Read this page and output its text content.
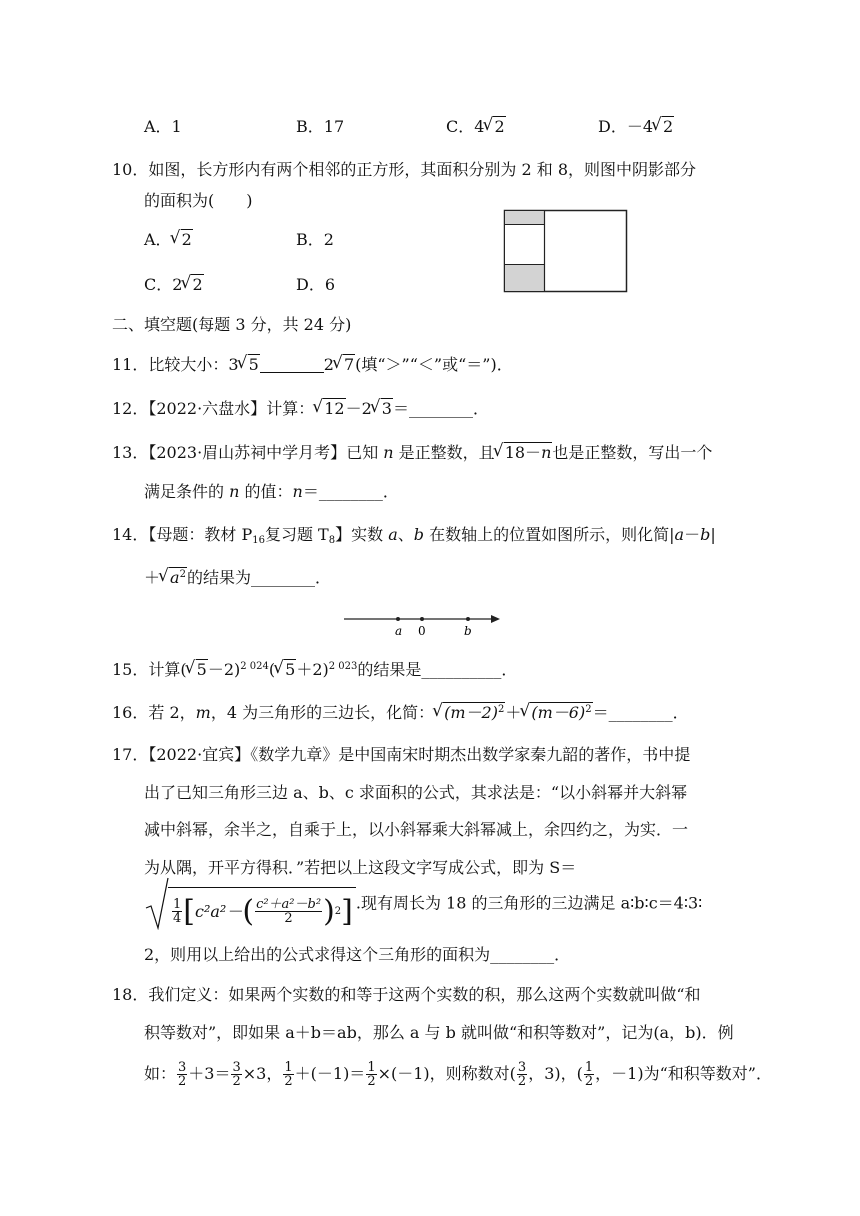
A．1	B．17	C．4√ 2	D．－4√ 2
10．如图，长方形内有两个相邻的正方形，其面积分别为 2 和 8，则图中阴影部分
的面积为(　　)
A．√ 2	B．2
C．2√ 2	D．6
二、填空题(每题 3 分，共 24 分)
11．比较大小：3√ 5	2√ 7(填“＞”“＜”或“＝”)．
12．【2022·六盘水】计算：√ 12－2√ 3＝________．
13．【2023·眉山苏祠中学月考】已知 n 是正整数，且√ 18－n也是正整数，写出一个
满足条件的 n 的值：n＝________．
14．【母题：教材 $P_{16}$复习题 $T_8$】实数 a、b 在数轴上的位置如图所示，则化简|a－b|
＋√ $a^2$的结果为________．
a 0	b
15．计算(√ 5－2)$^{2 024}$(√ 5＋2)$^{2 023}$的结果是__________．
16．若 2，m，4 为三角形的三边长，化简：√ $(m-2)^2+√$ $(m-6)^2=\_\_\_\_\_\_\_\_$．
17．【2022·宜宾】《数学九章》是中国南宋时期杰出数学家秦九韶的著作，书中提
出了已知三角形三边 a、b、c 求面积的公式，其求法是：“以小斜幂并大斜幂
减中斜幂，余半之，自乘于上，以小斜幂乘大斜幂减上，余四约之，为实．一
为从隅，开平方得积．”若把以上这段文字写成公式，即为 S＝
$\frac{1}{4}$ [ c²a²－ ( $\frac{\text{c²＋a²－b²}}{2}$ ) 2 ] .现有周长为 18 的三角形的三边满足 a∶b∶c＝4∶3∶
2，则用以上给出的公式求得这个三角形的面积为________．
18．我们定义：如果两个实数的和等于这两个实数的积，那么这两个实数就叫做“和
积等数对”，即如果 a＋b＝ab，那么 a 与 b 就叫做“和积等数对”，记为(a，b)．例
如： $\frac{3}{2} +3= \frac{3}{2} \times 3$， $\frac{1}{2} +(-1)= \frac{1}{2} \times(-1)$，则称数对( $\frac{3}{2}$ ，3)，( $\frac{1}{2}$ ，－1)为“和积等数对”．
